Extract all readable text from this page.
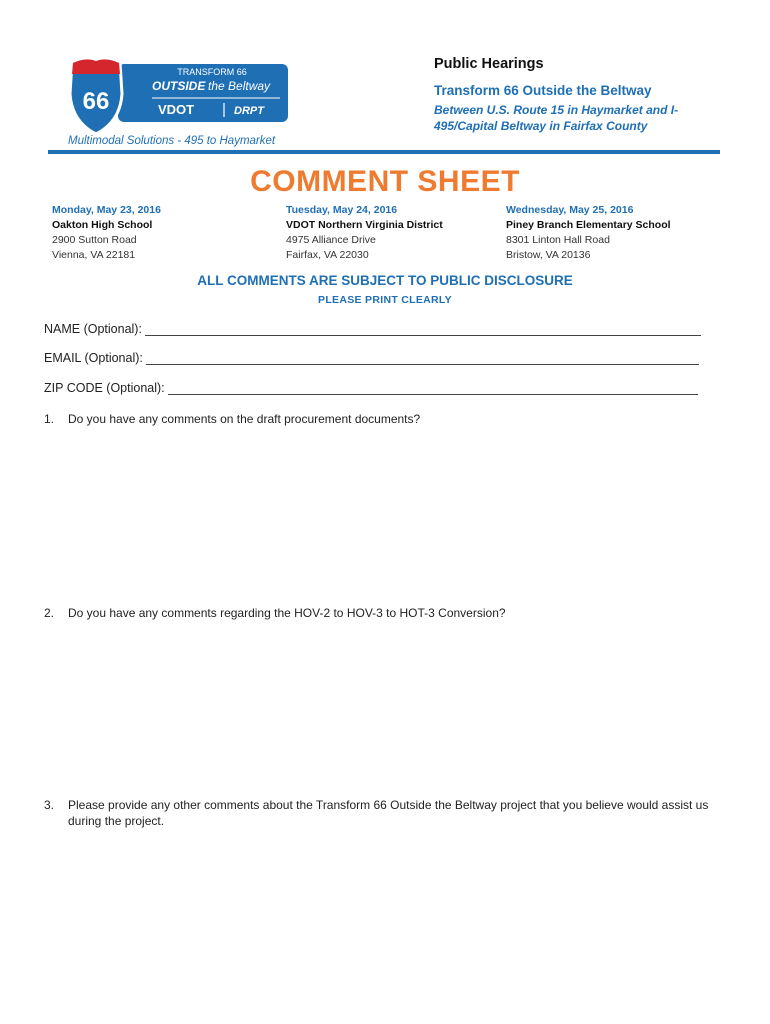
66
TRANSFORM 66
OUTSIDE the Beltway
VDOT	DRPT
Multimodal Solutions - 495 to Haymarket
Public Hearings
Transform 66 Outside the Beltway
Between U.S. Route 15 in Haymarket and I-495/Capital Beltway in Fairfax County
COMMENT SHEET
Monday, May 23, 2016
Oakton High School
2900 Sutton Road
Vienna, VA 22181
Tuesday, May 24, 2016
VDOT Northern Virginia District
4975 Alliance Drive
Fairfax, VA 22030
Wednesday, May 25, 2016
Piney Branch Elementary School
8301 Linton Hall Road
Bristow, VA 20136
ALL COMMENTS ARE SUBJECT TO PUBLIC DISCLOSURE
PLEASE PRINT CLEARLY
NAME (Optional):
EMAIL (Optional):
ZIP CODE (Optional):
1.	Do you have any comments on the draft procurement documents?
2.	Do you have any comments regarding the HOV-2 to HOV-3 to HOT-3 Conversion?
3.	Please provide any other comments about the Transform 66 Outside the Beltway project that you believe would assist us during the project.
